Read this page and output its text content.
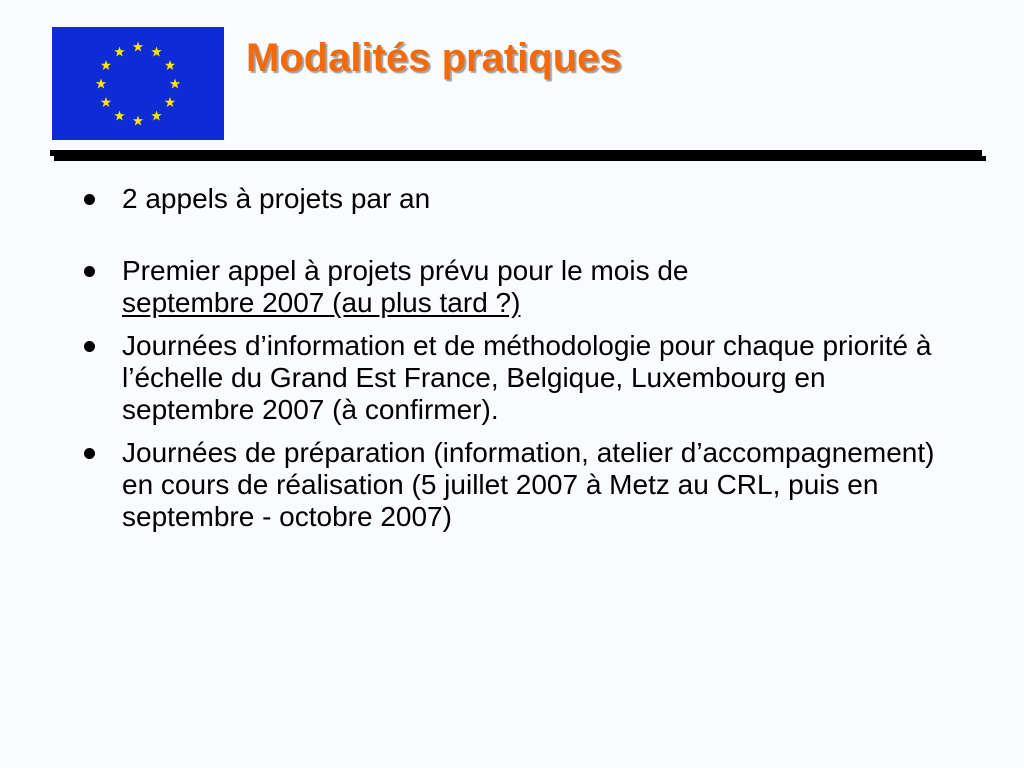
Modalités pratiques
2 appels à projets par an
Premier appel à projets prévu pour le mois de
septembre 2007 (au plus tard ?)
Journées d’information et de méthodologie pour chaque priorité à l’échelle du Grand Est France, Belgique, Luxembourg en septembre 2007 (à confirmer).
Journées de préparation (information, atelier d’accompagnement) en cours de réalisation (5 juillet 2007 à Metz au CRL, puis en septembre - octobre 2007)
